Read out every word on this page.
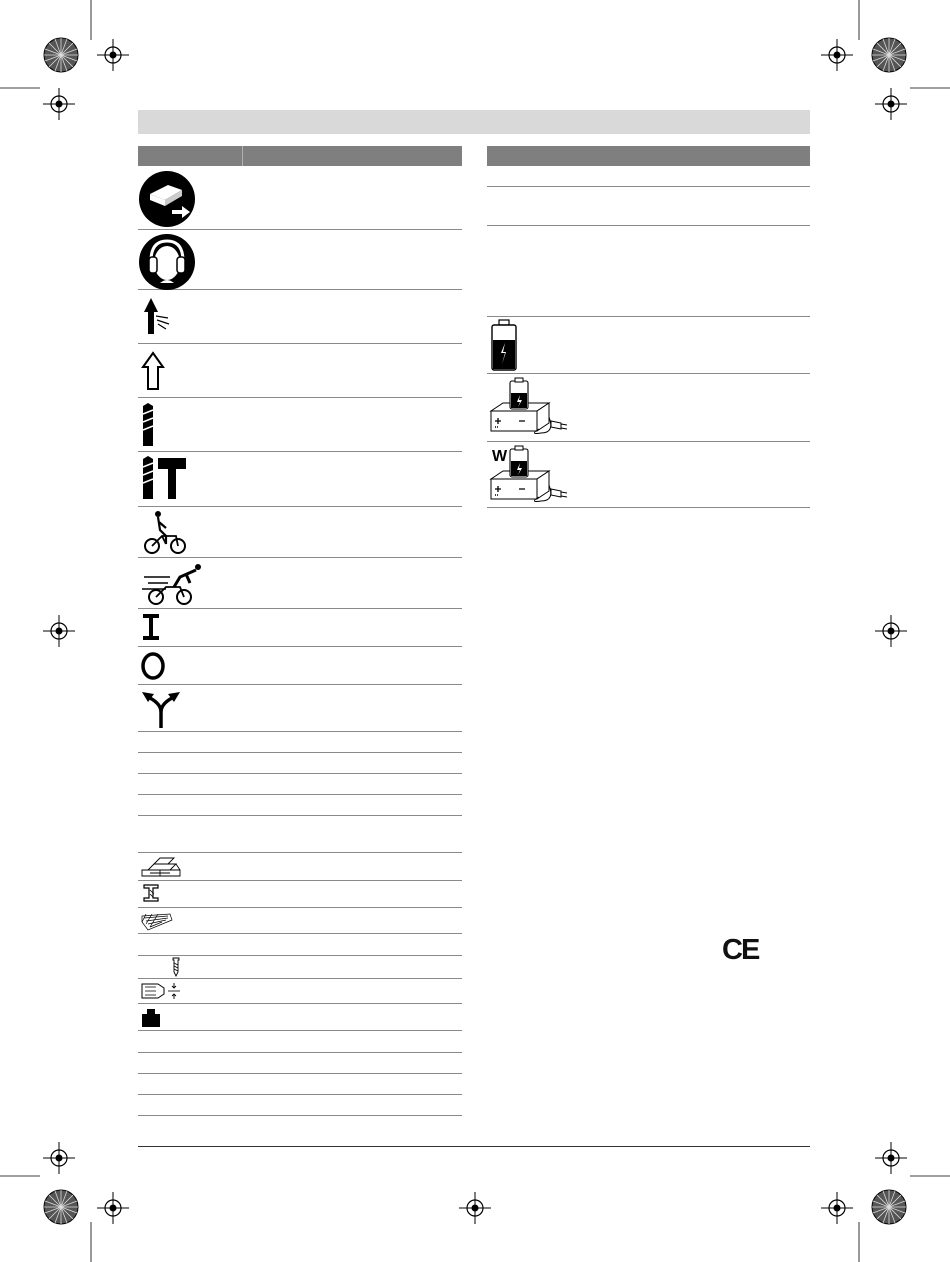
W
CE
